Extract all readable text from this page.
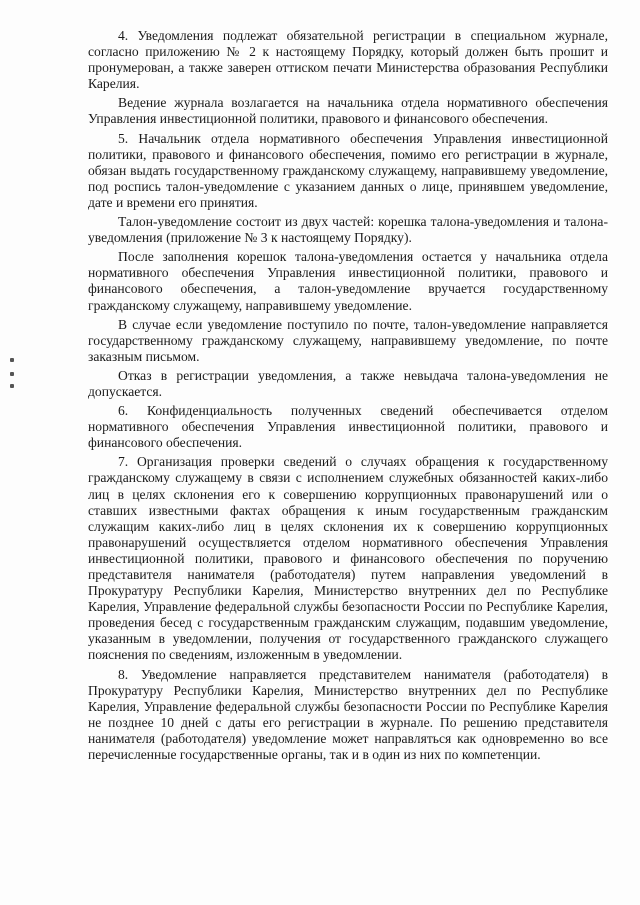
4. Уведомления подлежат обязательной регистрации в специальном журнале, согласно приложению № 2 к настоящему Порядку, который должен быть прошит и пронумерован, а также заверен оттиском печати Министерства образования Республики Карелия.

Ведение журнала возлагается на начальника отдела нормативного обеспечения Управления инвестиционной политики, правового и финансового обеспечения.

5. Начальник отдела нормативного обеспечения Управления инвестиционной политики, правового и финансового обеспечения, помимо его регистрации в журнале, обязан выдать государственному гражданскому служащему, направившему уведомление, под роспись талон-уведомление с указанием данных о лице, принявшем уведомление, дате и времени его принятия.

Талон-уведомление состоит из двух частей: корешка талона-уведомления и талона-уведомления (приложение № 3 к настоящему Порядку).

После заполнения корешок талона-уведомления остается у начальника отдела нормативного обеспечения Управления инвестиционной политики, правового и финансового обеспечения, а талон-уведомление вручается государственному гражданскому служащему, направившему уведомление.

В случае если уведомление поступило по почте, талон-уведомление направляется государственному гражданскому служащему, направившему уведомление, по почте заказным письмом.

Отказ в регистрации уведомления, а также невыдача талона-уведомления не допускается.

6. Конфиденциальность полученных сведений обеспечивается отделом нормативного обеспечения Управления инвестиционной политики, правового и финансового обеспечения.

7. Организация проверки сведений о случаях обращения к государственному гражданскому служащему в связи с исполнением служебных обязанностей каких-либо лиц в целях склонения его к совершению коррупционных правонарушений или о ставших известными фактах обращения к иным государственным гражданским служащим каких-либо лиц в целях склонения их к совершению коррупционных правонарушений осуществляется отделом нормативного обеспечения Управления инвестиционной политики, правового и финансового обеспечения по поручению представителя нанимателя (работодателя) путем направления уведомлений в Прокуратуру Республики Карелия, Министерство внутренних дел по Республике Карелия, Управление федеральной службы безопасности России по Республике Карелия, проведения бесед с государственным гражданским служащим, подавшим уведомление, указанным в уведомлении, получения от государственного гражданского служащего пояснения по сведениям, изложенным в уведомлении.

8. Уведомление направляется представителем нанимателя (работодателя) в Прокуратуру Республики Карелия, Министерство внутренних дел по Республике Карелия, Управление федеральной службы безопасности России по Республике Карелия не позднее 10 дней с даты его регистрации в журнале. По решению представителя нанимателя (работодателя) уведомление может направляться как одновременно во все перечисленные государственные органы, так и в один из них по компетенции.
